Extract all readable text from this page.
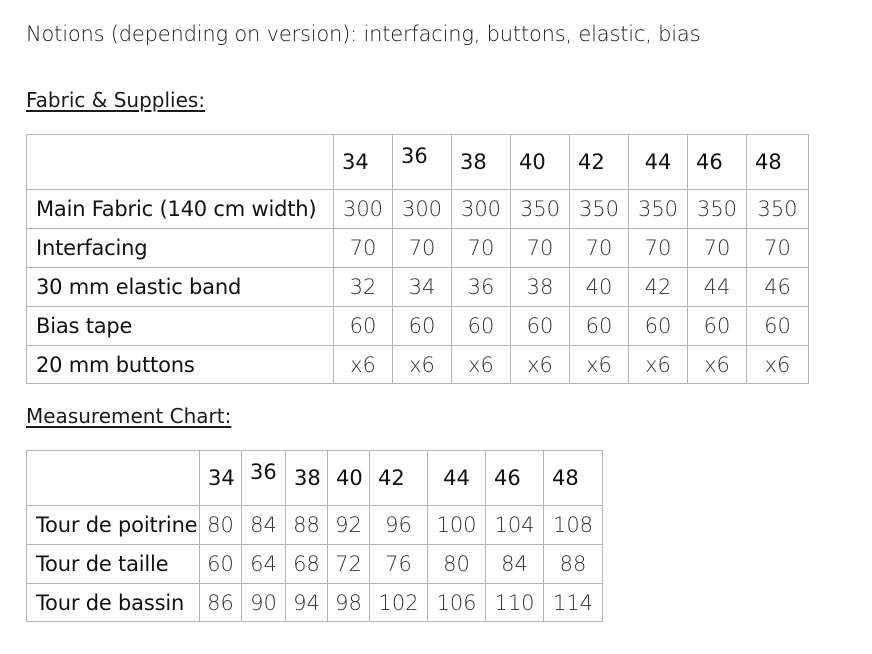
Notions (depending on version): interfacing, buttons, elastic, bias
Fabric & Supplies:
	34	36	38	40	42	44	46	48
Main Fabric (140 cm width)	300	300	300	350	350	350	350	350
Interfacing	70	70	70	70	70	70	70	70
30 mm elastic band	32	34	36	38	40	42	44	46
Bias tape	60	60	60	60	60	60	60	60
20 mm buttons	x6	x6	x6	x6	x6	x6	x6	x6
Measurement Chart:
	34	36	38	40	42	44	46	48
Tour de poitrine	80	84	88	92	96	100	104	108
Tour de taille	60	64	68	72	76	80	84	88
Tour de bassin	86	90	94	98	102	106	110	114
